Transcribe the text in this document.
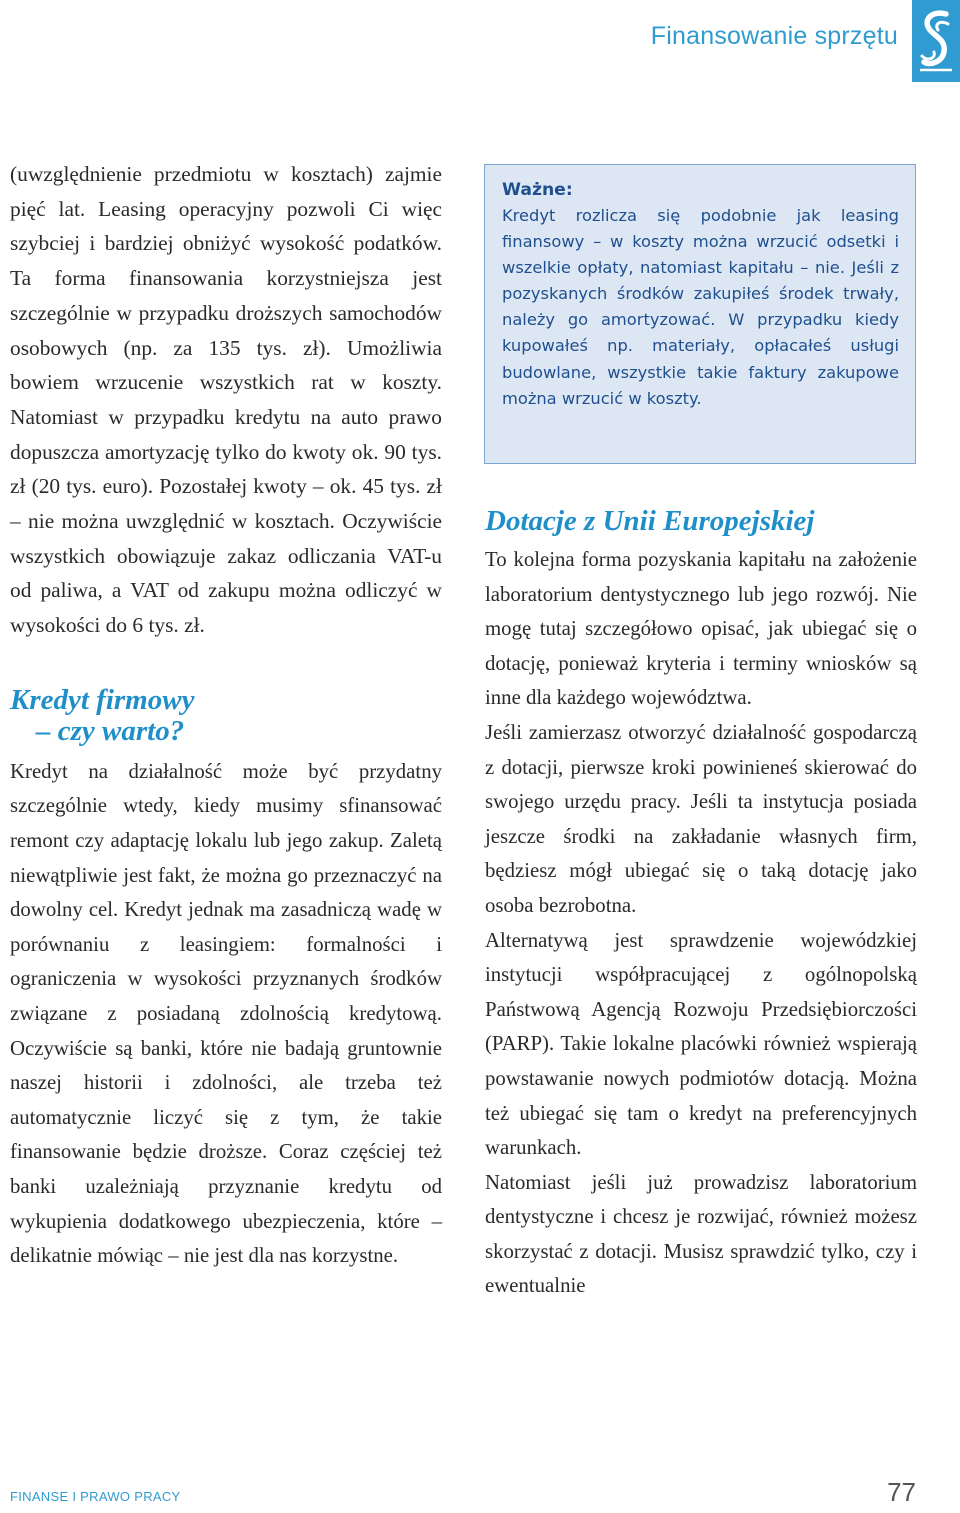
Finansowanie sprzętu

(uwzględnienie przedmiotu w kosztach) zajmie pięć lat. Leasing operacyjny pozwoli Ci więc szybciej i bardziej obniżyć wysokość podatków. Ta forma finansowania korzystniejsza jest szczególnie w przypadku droższych samochodów osobowych (np. za 135 tys. zł). Umożliwia bowiem wrzucenie wszystkich rat w koszty. Natomiast w przypadku kredytu na auto prawo dopuszcza amortyzację tylko do kwoty ok. 90 tys. zł (20 tys. euro). Pozostałej kwoty – ok. 45 tys. zł – nie można uwzględnić w kosztach. Oczywiście wszystkich obowiązuje zakaz odliczania VAT-u od paliwa, a VAT od zakupu można odliczyć w wysokości do 6 tys. zł.

Kredyt firmowy
– czy warto?

Kredyt na działalność może być przydatny szczególnie wtedy, kiedy musimy sfinansować remont czy adaptację lokalu lub jego zakup. Zaletą niewątpliwie jest fakt, że można go przeznaczyć na dowolny cel. Kredyt jednak ma zasadniczą wadę w porównaniu z leasingiem: formalności i ograniczenia w wysokości przyznanych środków związane z posiadaną zdolnością kredytową. Oczywiście są banki, które nie badają gruntownie naszej historii i zdolności, ale trzeba też automatycznie liczyć się z tym, że takie finansowanie będzie droższe. Coraz częściej też banki uzależniają przyznanie kredytu od wykupienia dodatkowego ubezpieczenia, które – delikatnie mówiąc – nie jest dla nas korzystne.

Ważne:

Kredyt rozlicza się podobnie jak leasing finansowy – w koszty można wrzucić odsetki i wszelkie opłaty, natomiast kapitału – nie. Jeśli z pozyskanych środków zakupiłeś środek trwały, należy go amortyzować. W przypadku kiedy kupowałeś np. materiały, opłacałeś usługi budowlane, wszystkie takie faktury zakupowe można wrzucić w koszty.

Dotacje z Unii Europejskiej

To kolejna forma pozyskania kapitału na założenie laboratorium dentystycznego lub jego rozwój. Nie mogę tutaj szczegółowo opisać, jak ubiegać się o dotację, ponieważ kryteria i terminy wniosków są inne dla każdego województwa.

Jeśli zamierzasz otworzyć działalność gospodarczą z dotacji, pierwsze kroki powinieneś skierować do swojego urzędu pracy. Jeśli ta instytucja posiada jeszcze środki na zakładanie własnych firm, będziesz mógł ubiegać się o taką dotację jako osoba bezrobotna.

Alternatywą jest sprawdzenie wojewódzkiej instytucji współpracującej z ogólnopolską Państwową Agencją Rozwoju Przedsiębiorczości (PARP). Takie lokalne placówki również wspierają powstawanie nowych podmiotów dotacją. Można też ubiegać się tam o kredyt na preferencyjnych warunkach.

Natomiast jeśli już prowadzisz laboratorium dentystyczne i chcesz je rozwijać, również możesz skorzystać z dotacji. Musisz sprawdzić tylko, czy i ewentualnie

FINANSE I PRAWO PRACY	77
